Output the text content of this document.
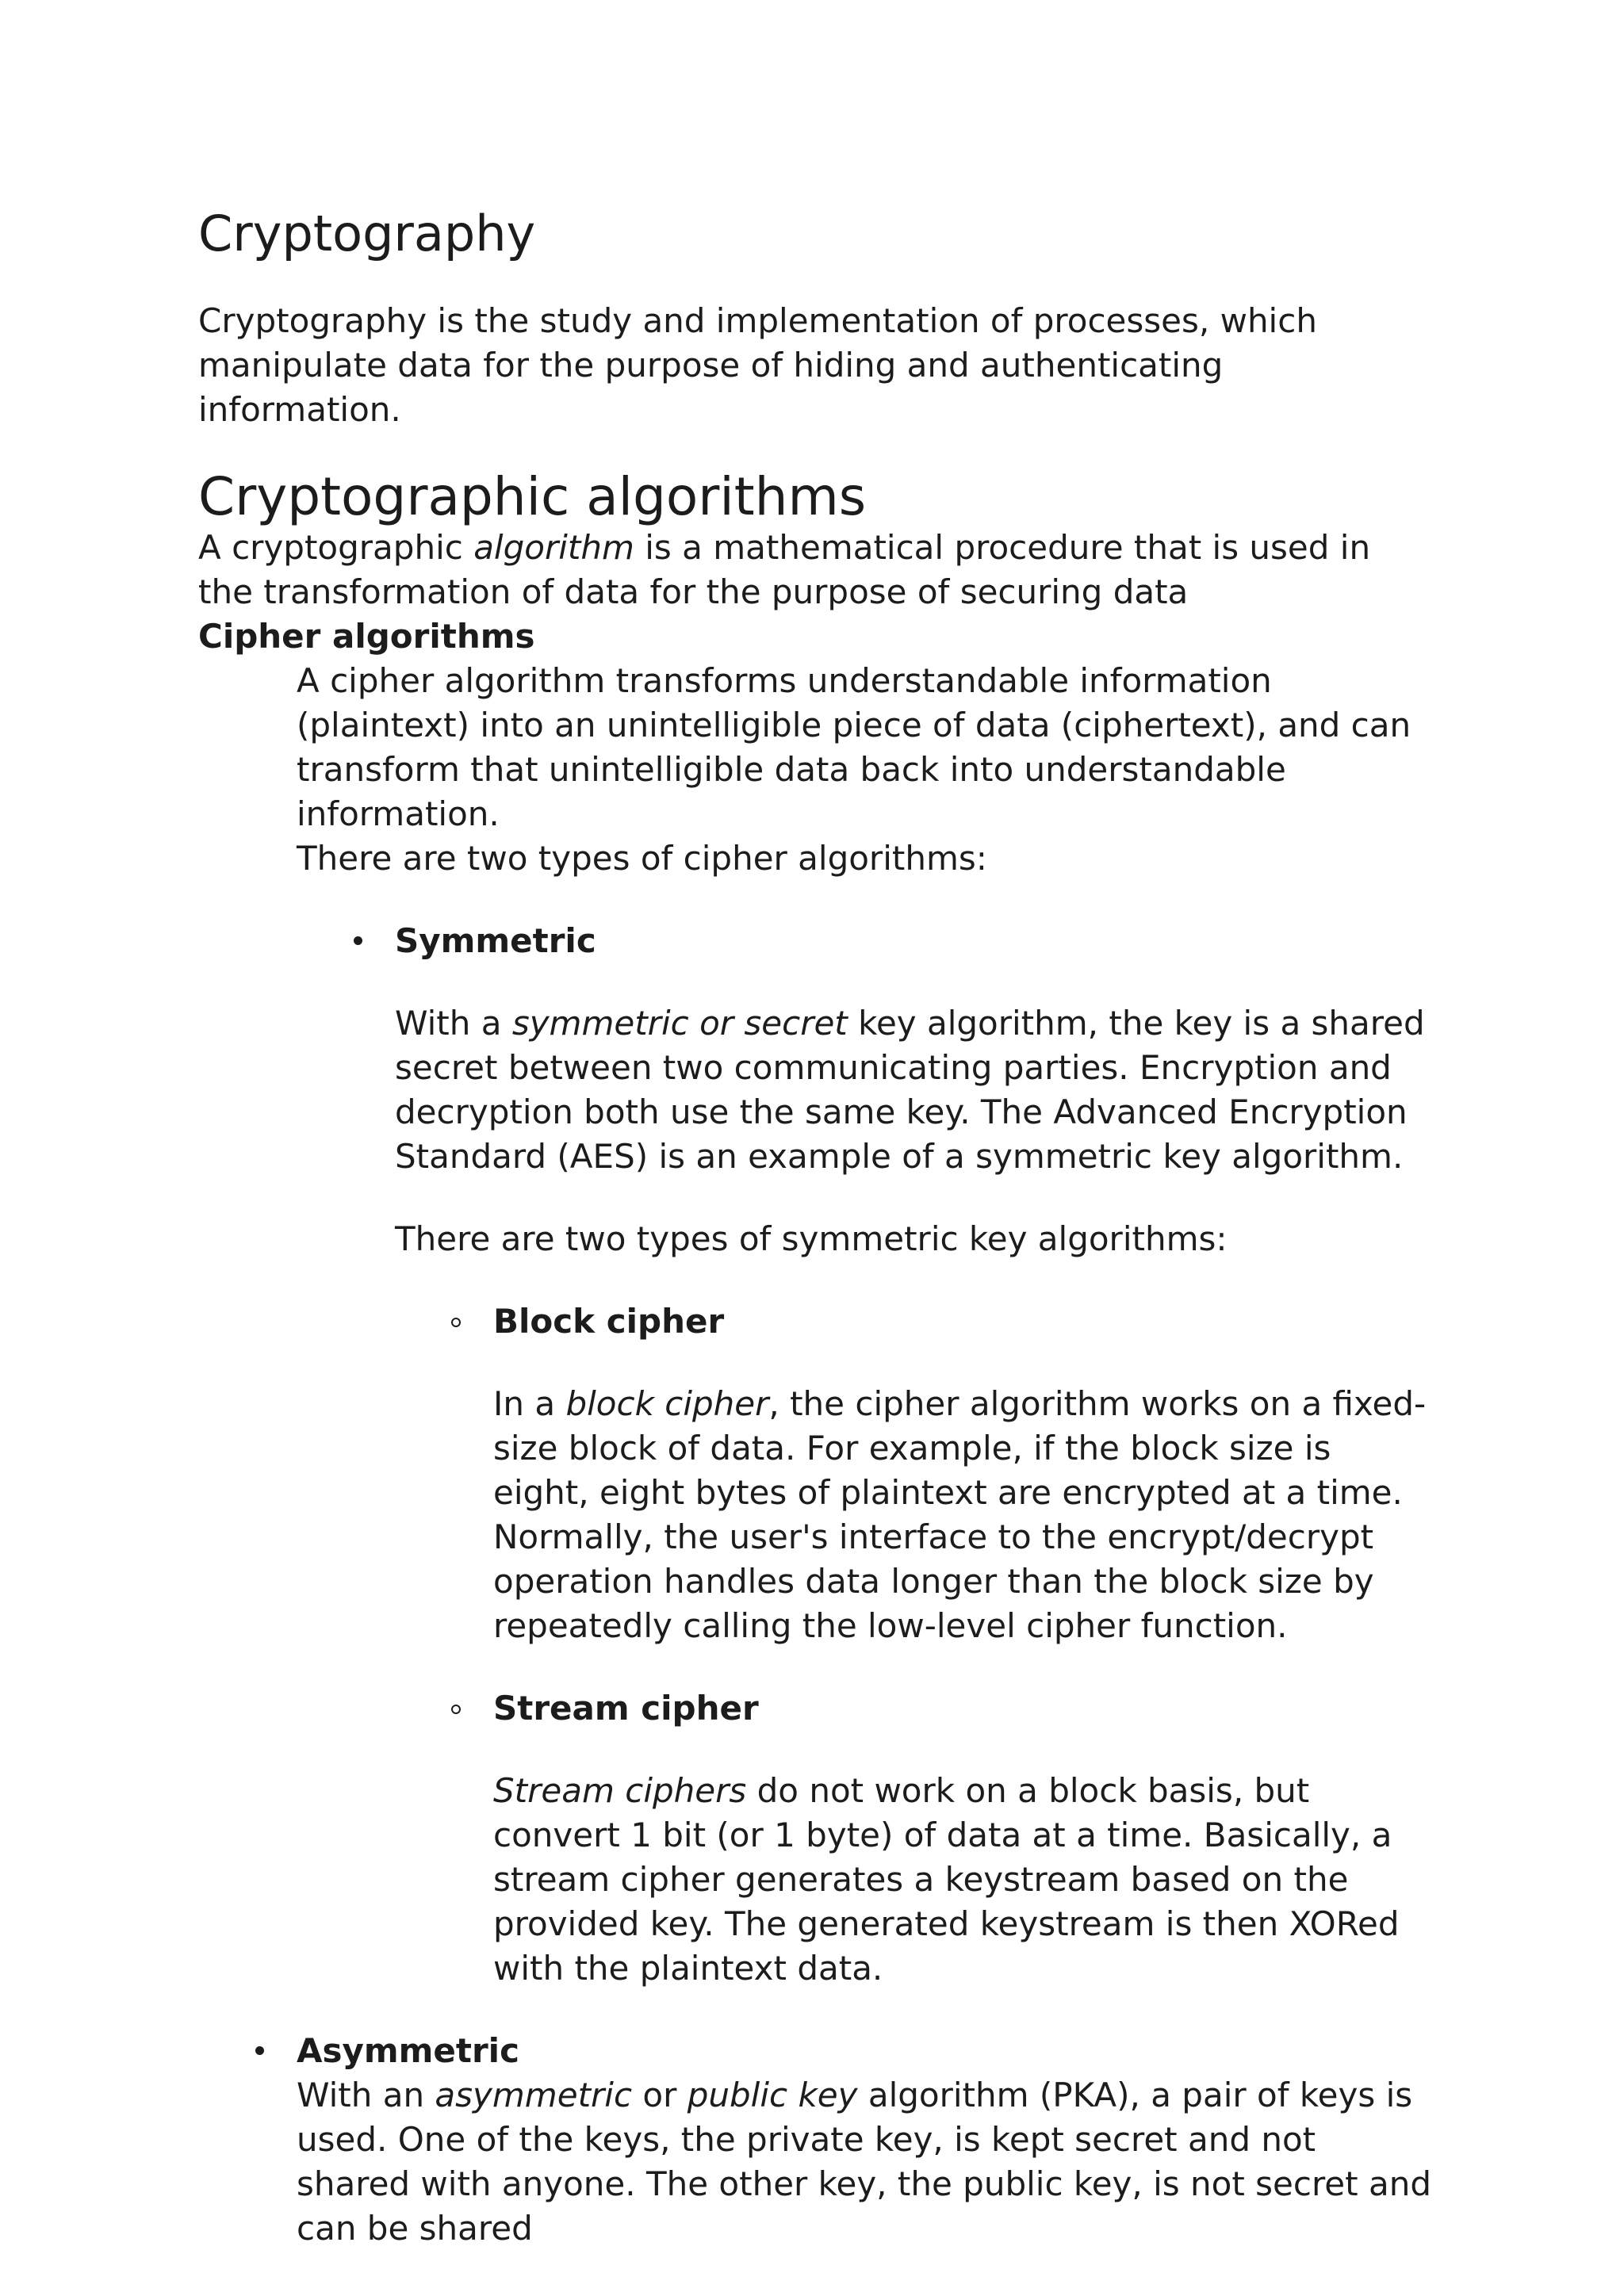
Cryptography

Cryptography is the study and implementation of processes, which manipulate data for the purpose of hiding and authenticating information.

Cryptographic algorithms

A cryptographic algorithm is a mathematical procedure that is used in the transformation of data for the purpose of securing data

Cipher algorithms

A cipher algorithm transforms understandable information (plaintext) into an unintelligible piece of data (ciphertext), and can transform that unintelligible data back into understandable information.

There are two types of cipher algorithms:

Symmetric

With a symmetric or secret key algorithm, the key is a shared secret between two communicating parties. Encryption and decryption both use the same key. The Advanced Encryption Standard (AES) is an example of a symmetric key algorithm.

There are two types of symmetric key algorithms:

Block cipher

In a block cipher, the cipher algorithm works on a fixed-size block of data. For example, if the block size is eight, eight bytes of plaintext are encrypted at a time. Normally, the user's interface to the encrypt/decrypt operation handles data longer than the block size by repeatedly calling the low-level cipher function.

Stream cipher

Stream ciphers do not work on a block basis, but convert 1 bit (or 1 byte) of data at a time. Basically, a stream cipher generates a keystream based on the provided key. The generated keystream is then XORed with the plaintext data.

Asymmetric

With an asymmetric or public key algorithm (PKA), a pair of keys is used. One of the keys, the private key, is kept secret and not shared with anyone. The other key, the public key, is not secret and can be shared
